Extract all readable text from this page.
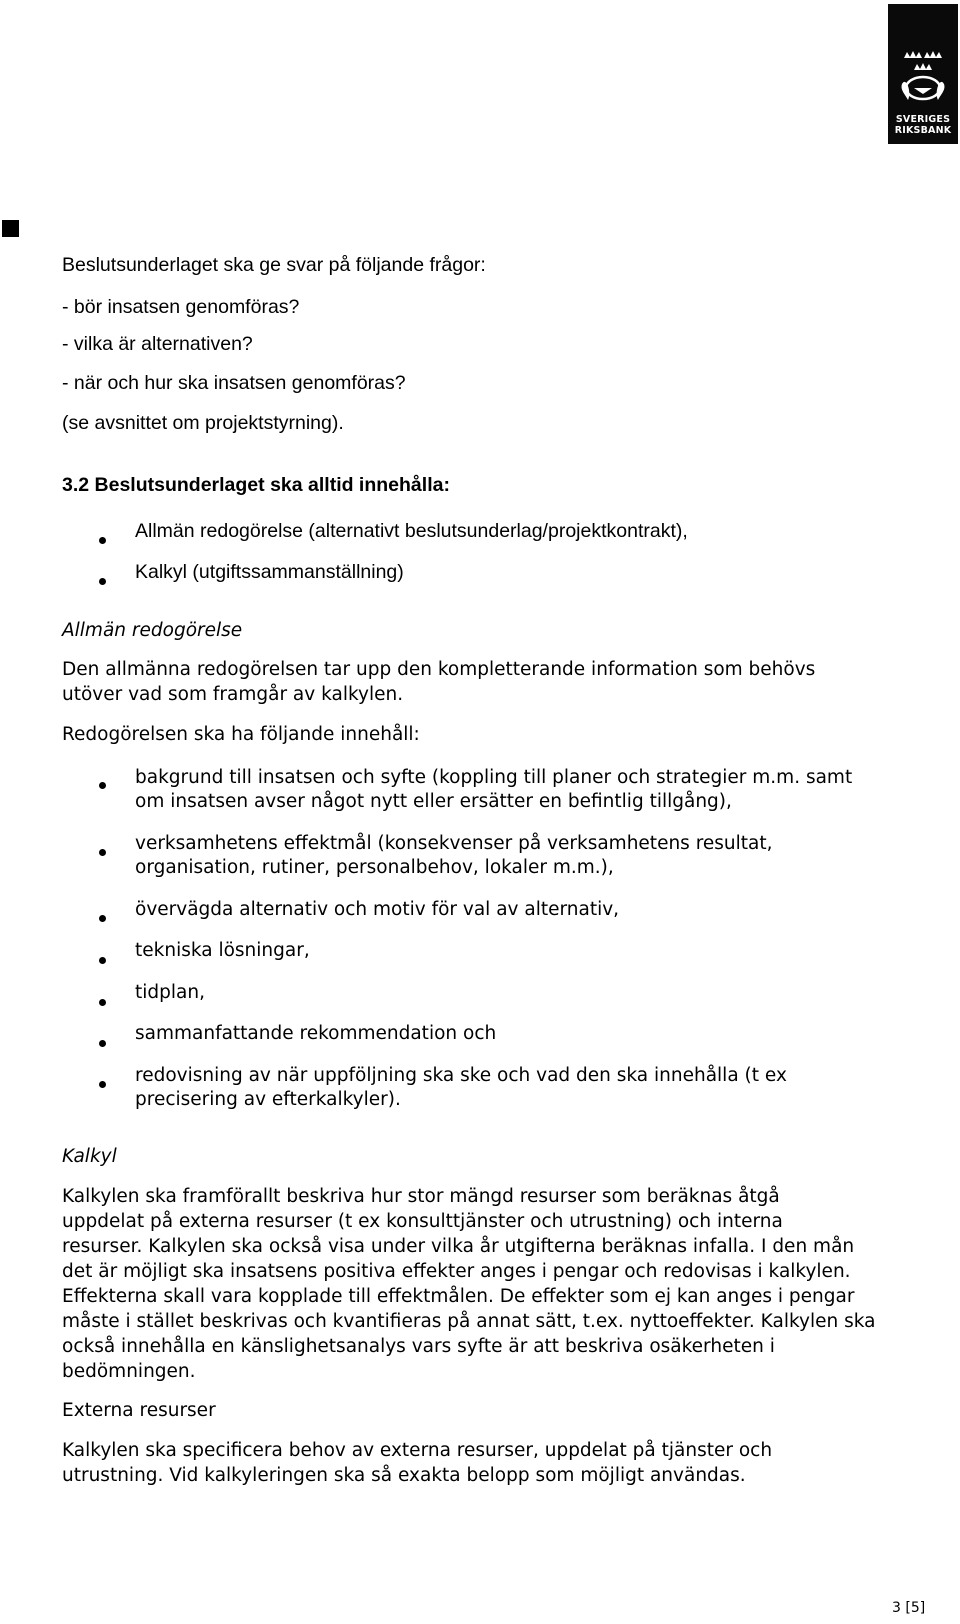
SVERIGES
RIKSBANK
Beslutsunderlaget ska ge svar på följande frågor:
- bör insatsen genomföras?
- vilka är alternativen?
- när och hur ska insatsen genomföras?
(se avsnittet om projektstyrning).
3.2 Beslutsunderlaget ska alltid innehålla:
Allmän redogörelse (alternativt beslutsunderlag/projektkontrakt),
Kalkyl (utgiftssammanställning)
Allmän redogörelse
Den allmänna redogörelsen tar upp den kompletterande information som behövs
utöver vad som framgår av kalkylen.
Redogörelsen ska ha följande innehåll:
bakgrund till insatsen och syfte (koppling till planer och strategier m.m. samt
om insatsen avser något nytt eller ersätter en befintlig tillgång),
verksamhetens effektmål (konsekvenser på verksamhetens resultat,
organisation, rutiner, personalbehov, lokaler m.m.),
övervägda alternativ och motiv för val av alternativ,
tekniska lösningar,
tidplan,
sammanfattande rekommendation och
redovisning av när uppföljning ska ske och vad den ska innehålla (t ex
precisering av efterkalkyler).
Kalkyl
Kalkylen ska framförallt beskriva hur stor mängd resurser som beräknas åtgå
uppdelat på externa resurser (t ex konsulttjänster och utrustning) och interna
resurser. Kalkylen ska också visa under vilka år utgifterna beräknas infalla. I den mån
det är möjligt ska insatsens positiva effekter anges i pengar och redovisas i kalkylen.
Effekterna skall vara kopplade till effektmålen. De effekter som ej kan anges i pengar
måste i stället beskrivas och kvantifieras på annat sätt, t.ex. nyttoeffekter. Kalkylen ska
också innehålla en känslighetsanalys vars syfte är att beskriva osäkerheten i
bedömningen.
Externa resurser
Kalkylen ska specificera behov av externa resurser, uppdelat på tjänster och
utrustning. Vid kalkyleringen ska så exakta belopp som möjligt användas.
3 [5]
